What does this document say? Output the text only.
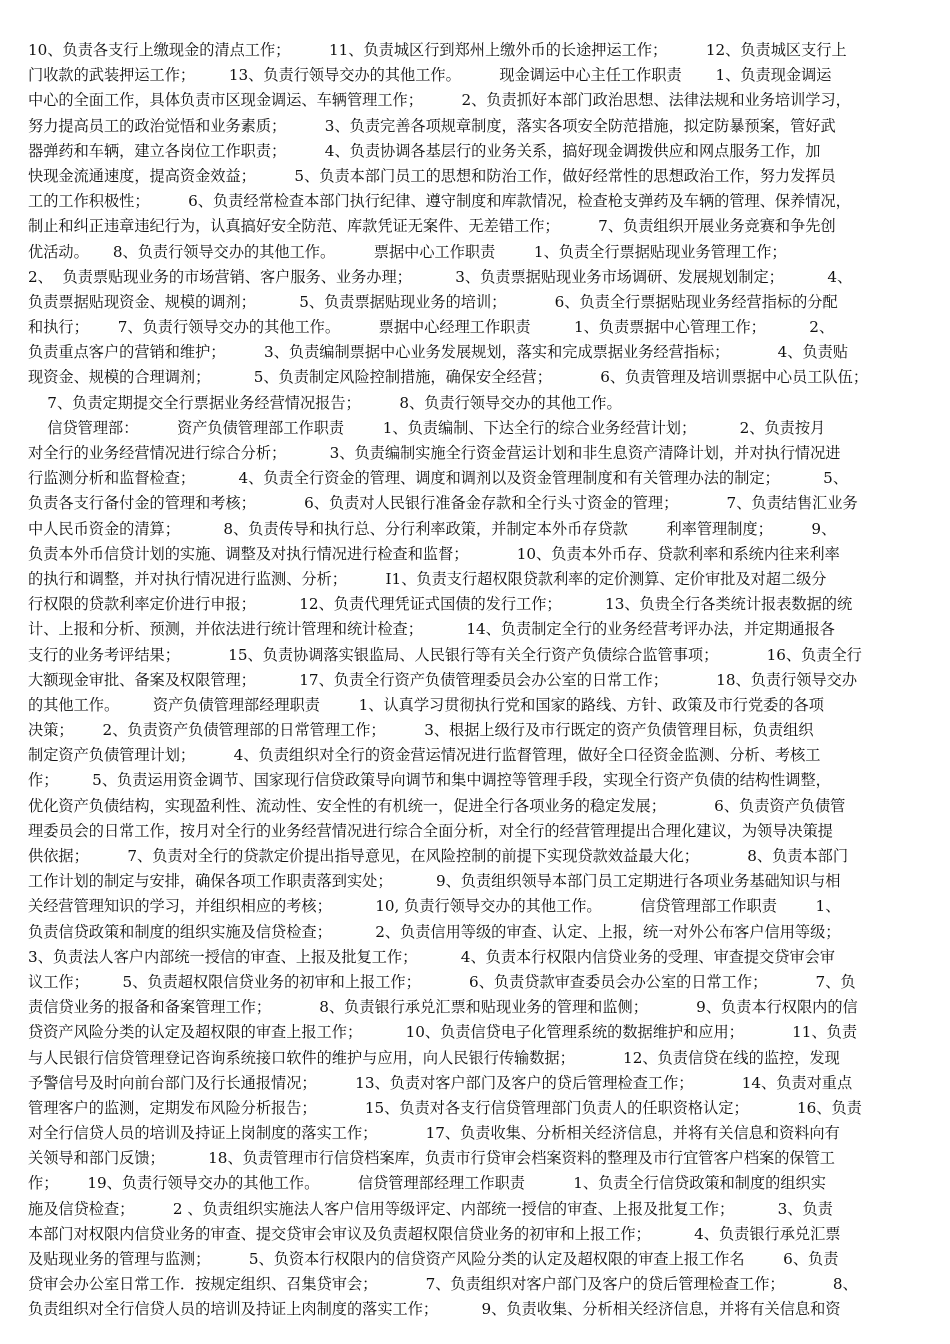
10、负责各支行上缴现金的清点工作；        11、负责城区行到郑州上缴外币的长途押运工作；        12、负责城区支行上
门收款的武装押运工作；       13、负责行领导交办的其他工作。        现金调运中心主任工作职责       1、负责现金调运
中心的全面工作，具体负责市区现金调运、车辆管理工作；        2、负责抓好本部门政治思想、法律法规和业务培训学习，
努力提高员工的政治觉悟和业务素质；        3、负责完善各项规章制度，落实各项安全防范措施，拟定防暴预案，管好武
器弹药和车辆，建立各岗位工作职责；        4、负责协调各基层行的业务关系，搞好现金调拨供应和网点服务工作，加
快现金流通速度，提高资金效益；        5、负责本部门员工的思想和防治工作，做好经常性的思想政治工作，努力发挥员
工的工作积极性；        6、负责经常检查本部门执行纪律、遵守制度和库款情况，检查枪支弹药及车辆的管理、保养情况，
制止和纠正违章违纪行为，认真搞好安全防范、库款凭证无案件、无差错工作；        7、负责组织开展业务竞赛和争先创
优活动。     8、负责行领导交办的其他工作。        票据中心工作职责        1、负责全行票据贴现业务管理工作；
2、  负责票贴现业务的市场营销、客户服务、业务办理；         3、负责票据贴现业务市场调研、发展规划制定；         4、
负责票据贴现资金、规模的调剂；         5、负责票据贴现业务的培训；          6、负责全行票据贴现业务经营指标的分配
和执行；      7、负责行领导交办的其他工作。        票据中心经理工作职责         1、负责票据中心管理工作；         2、
负责重点客户的营销和维护；        3、负责编制票据中心业务发展规划，落实和完成票据业务经营指标；          4、负责贴
现资金、规模的合理调剂；         5、负责制定风险控制措施，确保安全经营；          6、负责管理及培训票据中心员工队伍；
7、负责定期提交全行票据业务经营情况报告；        8、负责行领导交办的其他工作。
信贷管理部：        资产负债管理部工作职责        1、负责编制、下达全行的综合业务经营计划；         2、负责按月
对全行的业务经营情况进行综合分析；         3、负责编制实施全行资金营运计划和非生息资产清降计划，并对执行情况进
行监测分析和监督检查；         4、负责全行资金的管理、调度和调剂以及资金管理制度和有关管理办法的制定；         5、
负责各支行备付金的管理和考核；          6、负责对人民银行准备金存款和全行头寸资金的管理；          7、负责结售汇业务
中人民币资金的清算；         8、负责传导和执行总、分行利率政策，并制定本外币存贷款        利率管理制度；        9、
负责本外币信贷计划的实施、调整及对执行情况进行检查和监督；          10、负责本外币存、贷款利率和系统内往来利率
的执行和调整，并对执行情况进行监测、分析；        I1、负责支行超权限贷款利率的定价测算、定价审批及对超二级分
行权限的贷款利率定价进行申报；         12、负责代理凭证式国债的发行工作；         13、负贵全行各类统计报表数据的统
计、上报和分析、预测，并依法进行统计管理和统计检查；         14、负责制定全行的业务经营考评办法，并定期通报各
支行的业务考评结果；          15、负责协调落实银监局、人民银行等有关全行资产负债综合监管事项；          16、负责全行
大额现金审批、备案及权限管理；         17、负责全行资产负债管理委员会办公室的日常工作；          18、负责行领导交办
的其他工作。       资产负债管理部经理职责        1、认真学习贯彻执行党和国家的路线、方针、政策及市行党委的各项
决策；      2、负责资产负债管理部的日常管理工作；        3、根据上级行及市行既定的资产负债管理目标，负责组织
制定资产负债管理计划；        4、负责组织对全行的资金营运情况进行监督管理，做好全口径资金监测、分析、考核工
作；       5、负责运用资金调节、国家现行信贷政策导向调节和集中调控等管理手段，实现全行资产负债的结构性调整，
优化资产负债结构，实现盈利性、流动性、安全性的有机统一，促进全行各项业务的稳定发展；          6、负责资产负债管
理委员会的日常工作，按月对全行的业务经营情况进行综合全面分析，对全行的经营管理提出合理化建议，为领导决策提
供依据；        7、负责对全行的贷款定价提出指导意见，在风险控制的前提下实现贷款效益最大化；          8、负责本部门
工作计划的制定与安排，确保各项工作职责落到实处；         9、负责组织领导本部门员工定期进行各项业务基础知识与相
关经营管理知识的学习，并组织相应的考核；         10, 负责行领导交办的其他工作。        信贷管理部工作职责        1、
负责信贷政策和制度的组织实施及信贷检查；         2、负责信用等级的审查、认定、上报，统一对外公布客户信用等级；
3、负责法人客户内部统一授信的审查、上报及批复工作；         4、负责本行权限内信贷业务的受理、审查提交贷审会审
议工作；       5、负责超权限信贷业务的初审和上报工作；          6、负责贷款审查委员会办公室的日常工作；          7、负
责信贷业务的报备和备案管理工作；          8、负责银行承兑汇票和贴现业务的管理和监侧；          9、负责本行权限内的信
贷资产风险分类的认定及超权限的审查上报工作；         10、负责信贷电子化管理系统的数据维护和应用；          11、负责
与人民银行信贷管理登记咨询系统接口软件的维护与应用，向人民银行传输数据；          12、负责信贷在线的监控，发现
予警信号及时向前台部门及行长通报情况；        13、负责对客户部门及客户的贷后管理检查工作；          14、负责对重点
管理客户的监测，定期发布风险分析报告；          15、负责对各支行信贷管理部门负责人的任职资格认定；          16、负责
对全行信贷人员的培训及持证上岗制度的落实工作；          17、负责收集、分析相关经济信息，并将有关信息和资料向有
关领导和部门反馈；         18、负责管理市行信贷档案库，负责市行贷审会档案资料的整理及市行宜管客户档案的保管工
作；      19、负责行领导交办的其他工作。        信贷管理部经理工作职责          1、负责全行信贷政策和制度的组织实
施及信贷检查；        2 、负责组织实施法人客户信用等级评定、内部统一授信的审查、上报及批复工作；         3、负责
本部门对权限内信贷业务的审查、提交贷审会审议及负责超权限信贷业务的初审和上报工作；         4、负责银行承兑汇票
及贴现业务的管理与监测；        5、负资本行权限内的信贷资产风险分类的认定及超权限的审查上报工作名        6、负责
贷审会办公室日常工作．按规定组织、召集贷审会；          7、负责组织对客户部门及客户的贷后管理检查工作；          8、
负责组织对全行信贷人员的培训及持证上肉制度的落实工作；         9、负责收集、分析相关经济信息，并将有关信息和资
